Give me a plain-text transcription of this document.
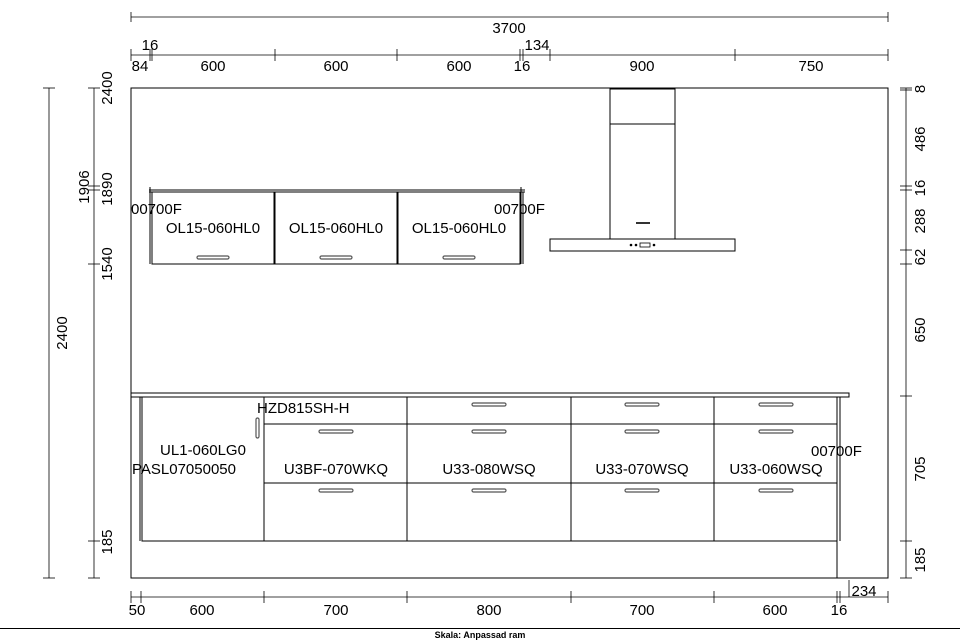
3700
16	134
84	600	600	600	16	900	750
2400
2400
1906 1890
1540
185
8
486
16
288
62
650
705
185
50	600	700	800	700	600	16
234
00700F	00700F
OL15-060HL0 OL15-060HL0 OL15-060HL0
UL1-060LG0
PASL07050050
HZD815SH-H
U3BF-070WKQ	U33-080WSQ	U33-070WSQ	U33-060WSQ
00700F
Skala: Anpassad ram
